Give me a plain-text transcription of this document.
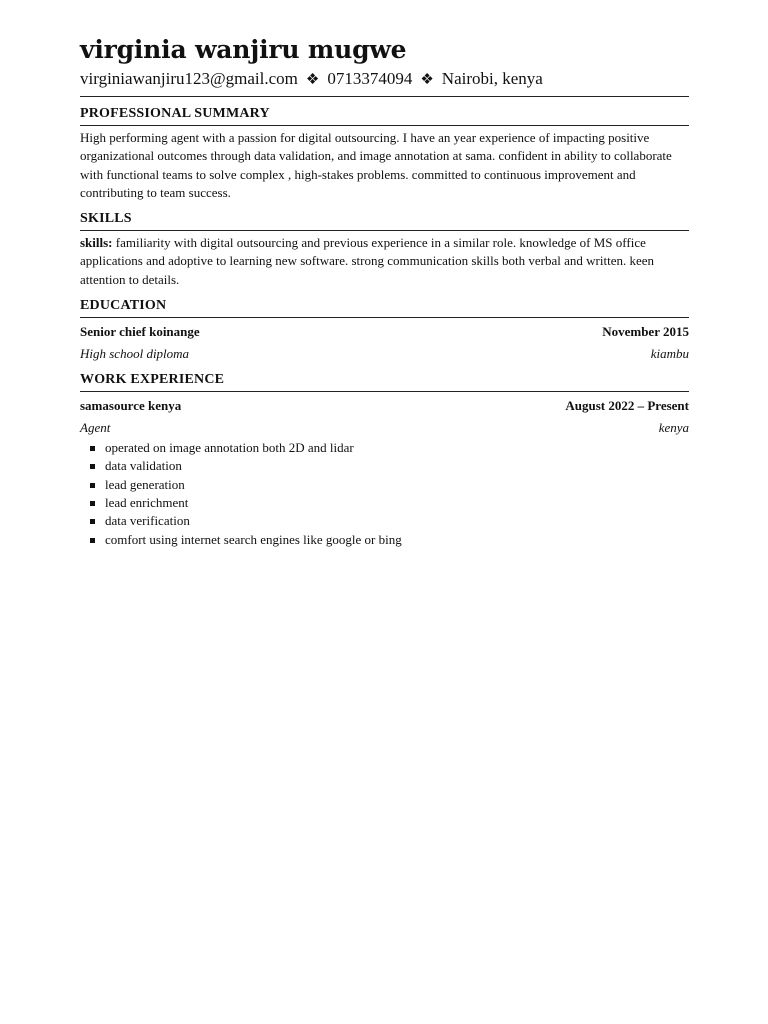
virginia wanjiru mugwe
virginiawanjiru123@gmail.com ❖ 0713374094 ❖ Nairobi, kenya
PROFESSIONAL SUMMARY
High performing agent with a passion for digital outsourcing. I have an year experience of impacting positive organizational outcomes through data validation, and image annotation at sama. confident in ability to collaborate with functional teams to solve complex , high-stakes problems. committed to continuous improvement and contributing to team success.
SKILLS
skills: familiarity with digital outsourcing and previous experience in a similar role. knowledge of MS office applications and adoptive to learning new software. strong communication skills both verbal and written. keen attention to details.
EDUCATION
Senior chief koinange	November 2015
High school diploma	kiambu
WORK EXPERIENCE
samasource kenya	August 2022 – Present
Agent	kenya
operated on image annotation both 2D and lidar
data validation
lead generation
lead enrichment
data verification
comfort using internet search engines like google or bing
